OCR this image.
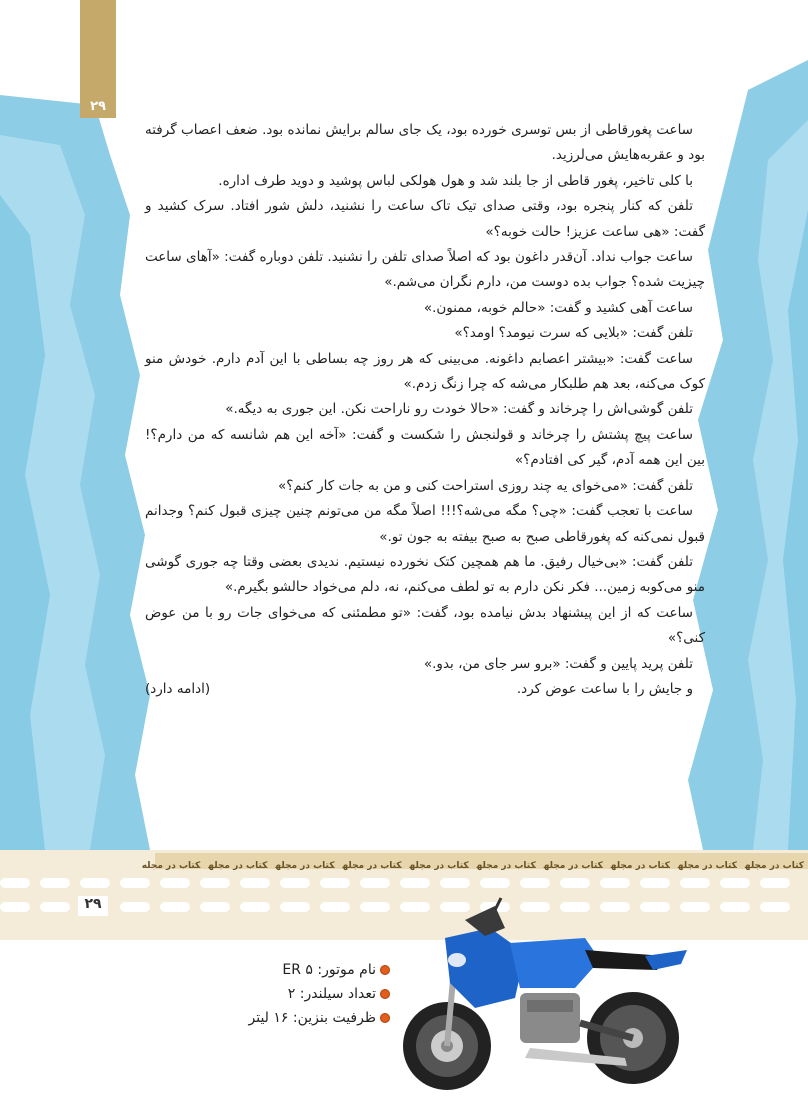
۲۹

ساعت پغورقاطی از بس توسری خورده بود، یک جای سالم برایش نمانده بود. ضعف اعصاب گرفته بود و عقربه‌هایش می‌لرزید.

با کلی تاخیر، پغور قاطی از جا بلند شد و هول هولکی لباس پوشید و دوید طرف اداره.

تلفن که کنار پنجره بود، وقتی صدای تیک تاک ساعت را نشنید، دلش شور افتاد. سرک کشید و گفت: «هی ساعت عزیز! حالت خوبه؟»

ساعت جواب نداد. آن‌قدر داغون بود که اصلاً صدای تلفن را نشنید. تلفن دوباره گفت: «آهای ساعت چیزیت شده؟ جواب بده دوست من، دارم نگران می‌شم.»

ساعت آهی کشید و گفت: «حالم خوبه، ممنون.»

تلفن گفت: «بلایی که سرت نیومد؟ اومد؟»

ساعت گفت: «بیشتر اعصابم داغونه. می‌بینی که هر روز چه بساطی با این آدم دارم. خودش منو کوک می‌کنه، بعد هم طلبکار می‌شه که چرا زنگ زدم.»

تلفن گوشی‌اش را چرخاند و گفت: «حالا خودت رو ناراحت نکن. این جوری به دیگه.»

ساعت پیچ پشتش را چرخاند و قولنجش را شکست و گفت: «آخه این هم شانسه که من دارم؟! بین این همه آدم، گیر کی افتادم؟»

تلفن گفت: «می‌خوای یه چند روزی استراحت کنی و من به جات کار کنم؟»

ساعت با تعجب گفت: «چی؟ مگه می‌شه؟!!! اصلاً مگه من می‌تونم چنین چیزی قبول کنم؟ وجدانم قبول نمی‌کنه که پغورقاطی صبح به صبح بیفته به جون تو.»

تلفن گفت: «بی‌خیال رفیق. ما هم همچین کتک نخورده نیستیم. ندیدی بعضی وقتا چه جوری گوشی منو می‌کوبه زمین... فکر نکن دارم به تو لطف می‌کنم، نه، دلم می‌خواد حالشو بگیرم.»

ساعت که از این پیشنهاد بدش نیامده بود، گفت: «تو مطمئنی که می‌خوای جات رو با من عوض کنی؟»

تلفن پرید پایین و گفت: «برو سر جای من، بدو.»

و جایش را با ساعت عوض کرد.
(ادامه دارد)

کتاب در مجلهکتاب در مجلهکتاب در مجلهکتاب در مجلهکتاب در مجلهکتاب در مجلهکتاب در مجلهکتاب در مجلهکتاب در مجلهکتاب در مجله
۲۹
نام موتور: ER ۵
تعداد سیلندر: ۲
ظرفیت بنزین: ۱۶ لیتر
